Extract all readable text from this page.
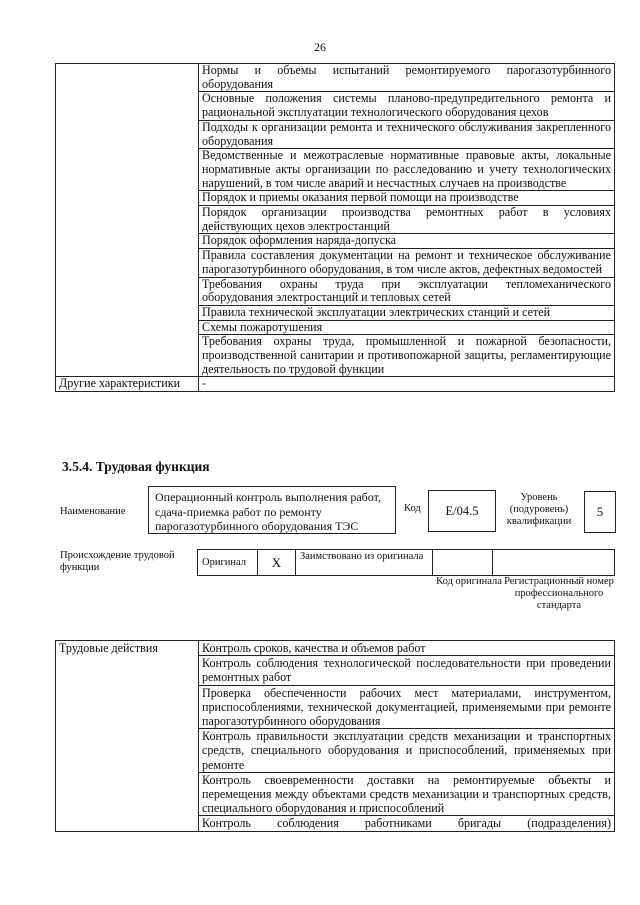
26
	Нормы и объемы испытаний ремонтируемого парогазотурбинного оборудования
	Основные положения системы планово-предупредительного ремонта и рациональной эксплуатации технологического оборудования цехов
	Подходы к организации ремонта и технического обслуживания закрепленного оборудования
	Ведомственные и межотраслевые нормативные правовые акты, локальные нормативные акты организации по расследованию и учету технологических нарушений, в том числе аварий и несчастных случаев на производстве
	Порядок и приемы оказания первой помощи на производстве
	Порядок организации производства ремонтных работ в условиях действующих цехов электростанций
	Порядок оформления наряда-допуска
	Правила составления документации на ремонт и техническое обслуживание парогазотурбинного оборудования, в том числе актов, дефектных ведомостей
	Требования охраны труда при эксплуатации тепломеханического оборудования электростанций и тепловых сетей
	Правила технической эксплуатации электрических станций и сетей
	Схемы пожаротушения
	Требования охраны труда, промышленной и пожарной безопасности, производственной санитарии и противопожарной защиты, регламентирующие деятельность по трудовой функции
Другие характеристики	-
3.5.4. Трудовая функция
Наименование
Операционный контроль выполнения работ, сдача-приемка работ по ремонту парогазотурбинного оборудования ТЭС
Код	E/04.5
Уровень (подуровень) квалификации
5
Происхождение трудовой функции	Оригинал	X	Заимствовано из оригинала		
Код оригинала Регистрационный номер профессионального стандарта
Трудовые действия	Контроль сроков, качества и объемов работ
Контроль соблюдения технологической последовательности при проведении ремонтных работ
Проверка обеспеченности рабочих мест материалами, инструментом, приспособлениями, технической документацией, применяемыми при ремонте парогазотурбинного оборудования
Контроль правильности эксплуатации средств механизации и транспортных средств, специального оборудования и приспособлений, применяемых при ремонте
Контроль своевременности доставки на ремонтируемые объекты и перемещения между объектами средств механизации и транспортных средств, специального оборудования и приспособлений
Контроль соблюдения работниками бригады (подразделения)
